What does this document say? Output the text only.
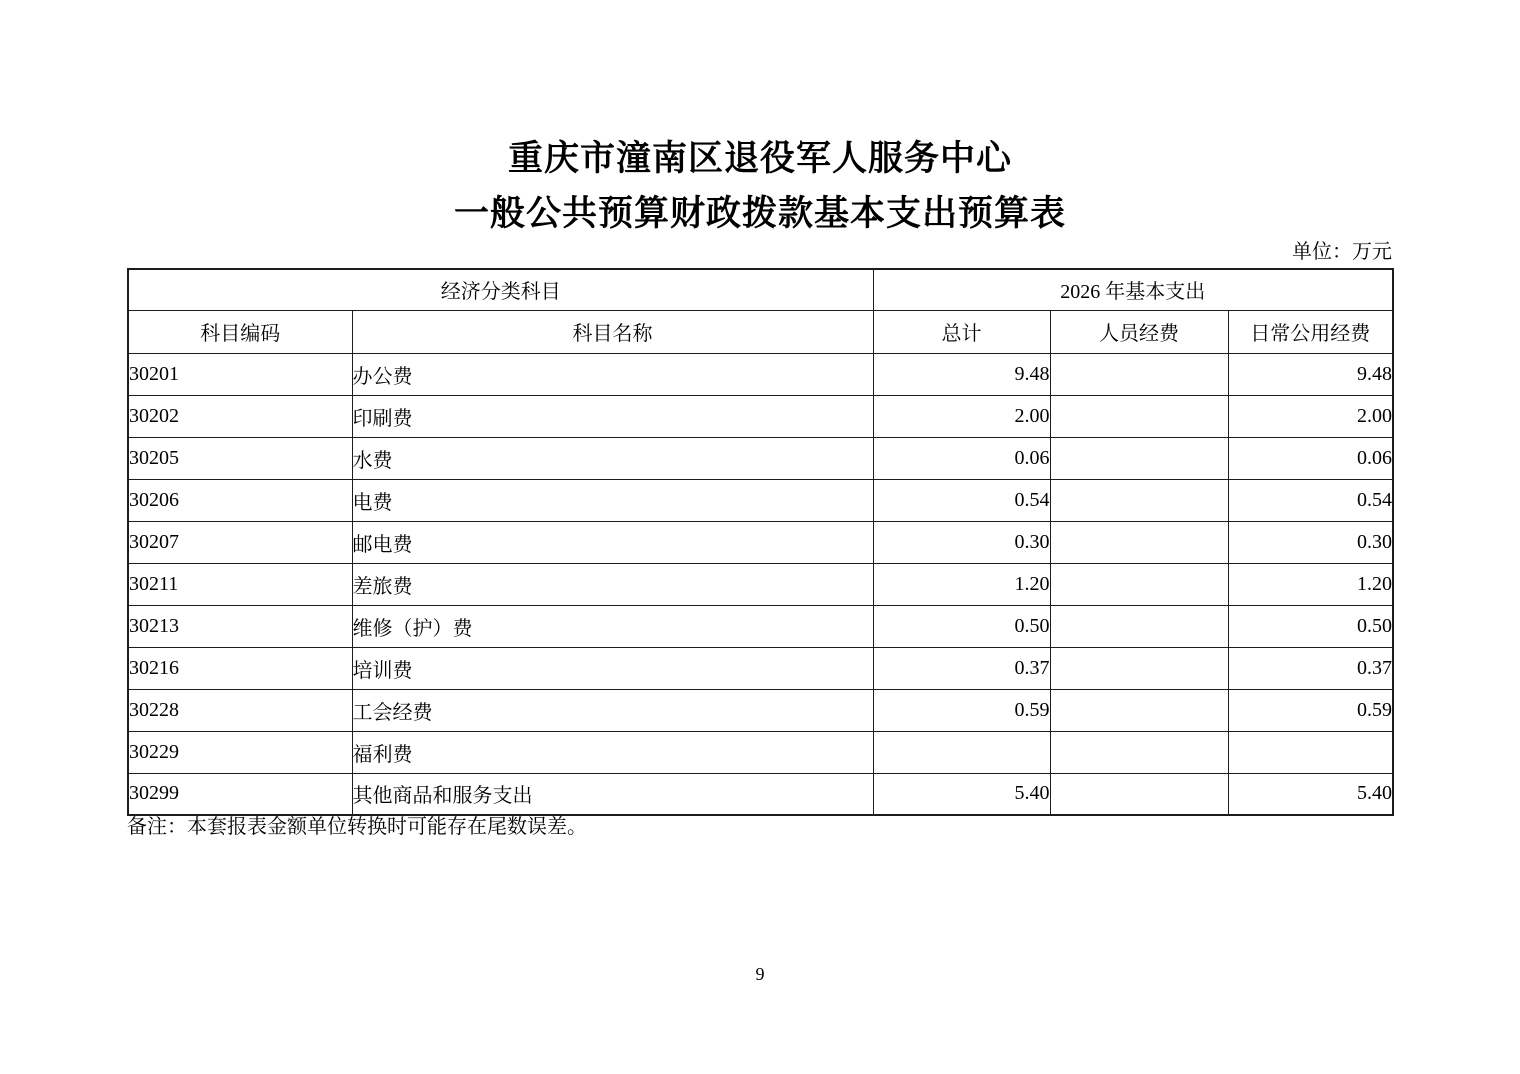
重庆市潼南区退役军人服务中心
一般公共预算财政拨款基本支出预算表
单位：万元
经济分类科目		2026 年基本支出		
科目编码	科目名称	总计	人员经费	日常公用经费
30201	办公费	9.48		9.48
30202	印刷费	2.00		2.00
30205	水费	0.06		0.06
30206	电费	0.54		0.54
30207	邮电费	0.30		0.30
30211	差旅费	1.20		1.20
30213	维修（护）费	0.50		0.50
30216	培训费	0.37		0.37
30228	工会经费	0.59		0.59
30229	福利费			
30299	其他商品和服务支出	5.40		5.40
备注：本套报表金额单位转换时可能存在尾数误差。
9
